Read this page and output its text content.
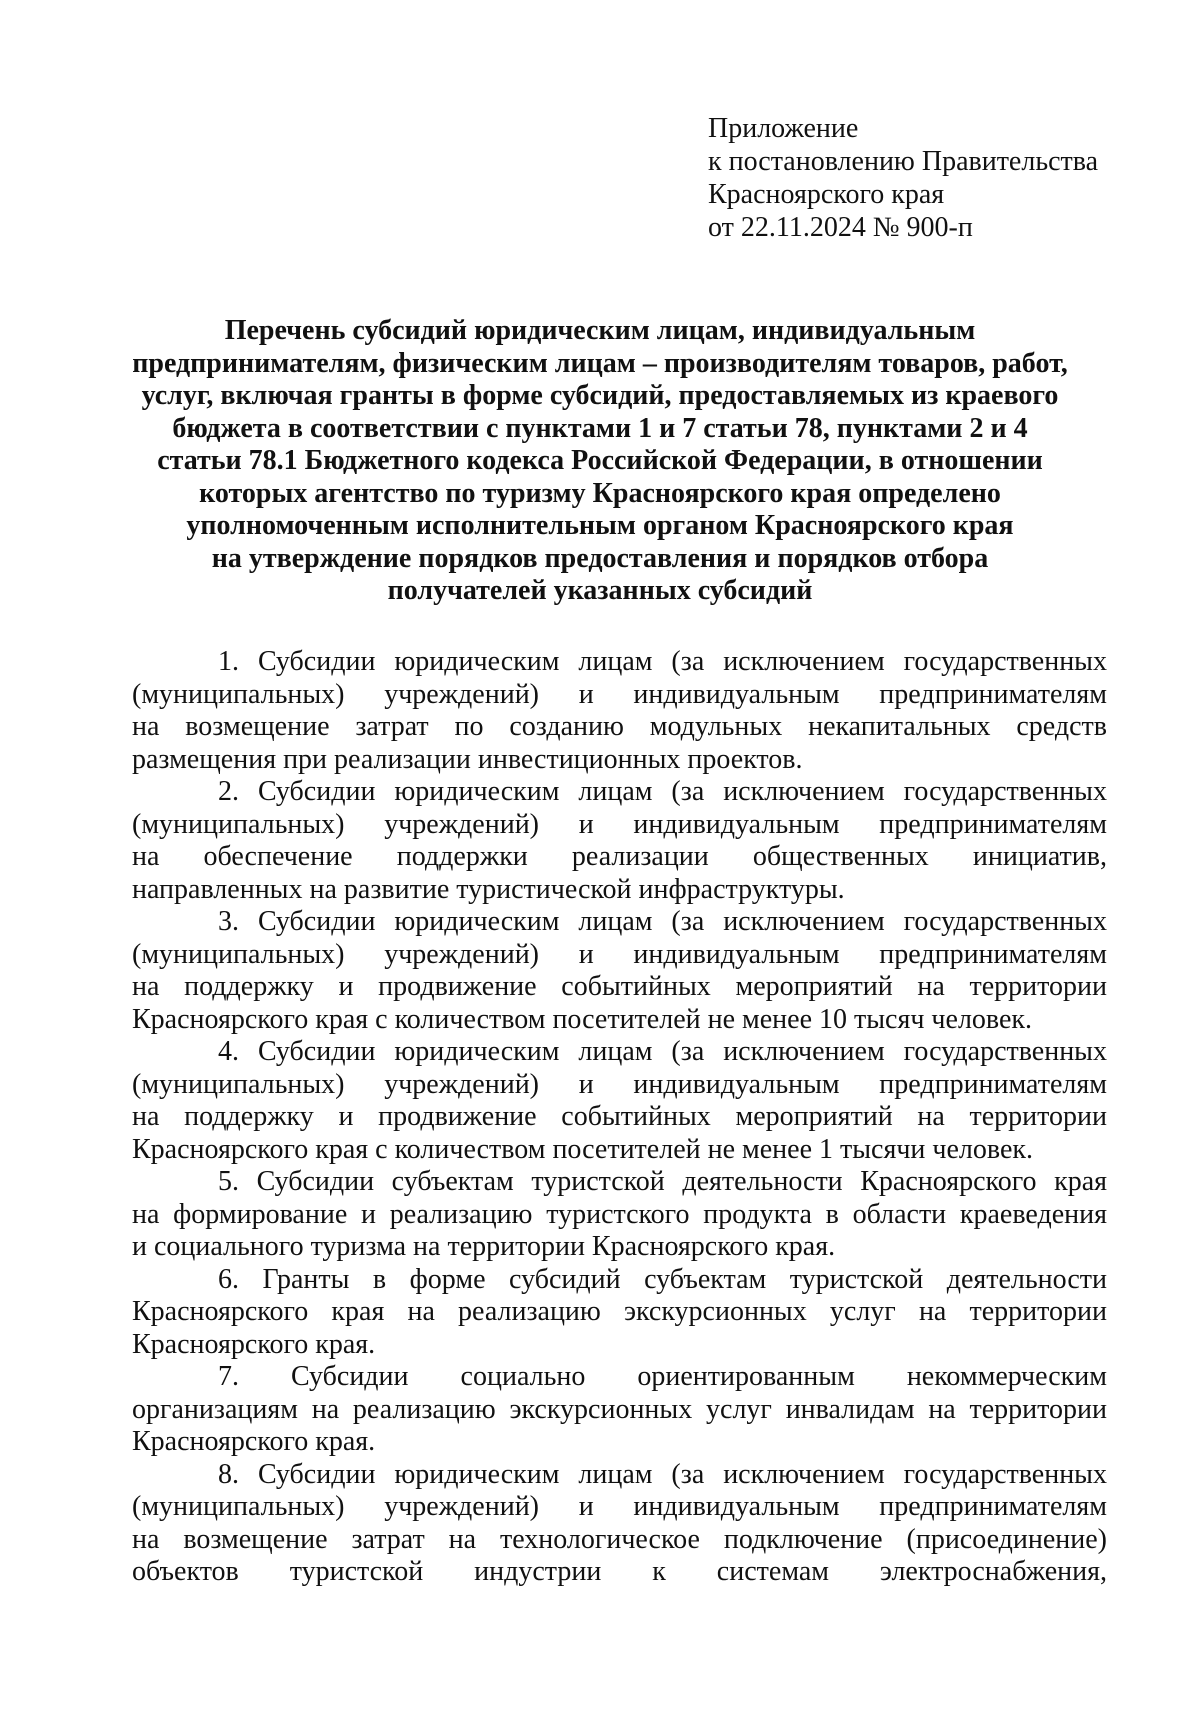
Приложение
к постановлению Правительства
Красноярского края
от 22.11.2024 № 900-п
Перечень субсидий юридическим лицам, индивидуальным
предпринимателям, физическим лицам – производителям товаров, работ,
услуг, включая гранты в форме субсидий, предоставляемых из краевого
бюджета в соответствии с пунктами 1 и 7 статьи 78, пунктами 2 и 4
статьи 78.1 Бюджетного кодекса Российской Федерации, в отношении
которых агентство по туризму Красноярского края определено
уполномоченным исполнительным органом Красноярского края
на утверждение порядков предоставления и порядков отбора
получателей указанных субсидий
1. Субсидии юридическим лицам (за исключением государственных
(муниципальных) учреждений) и индивидуальным предпринимателям
на возмещение затрат по созданию модульных некапитальных средств
размещения при реализации инвестиционных проектов.
2. Субсидии юридическим лицам (за исключением государственных
(муниципальных) учреждений) и индивидуальным предпринимателям
на обеспечение поддержки реализации общественных инициатив,
направленных на развитие туристической инфраструктуры.
3. Субсидии юридическим лицам (за исключением государственных
(муниципальных) учреждений) и индивидуальным предпринимателям
на поддержку и продвижение событийных мероприятий на территории
Красноярского края с количеством посетителей не менее 10 тысяч человек.
4. Субсидии юридическим лицам (за исключением государственных
(муниципальных) учреждений) и индивидуальным предпринимателям
на поддержку и продвижение событийных мероприятий на территории
Красноярского края с количеством посетителей не менее 1 тысячи человек.
5. Субсидии субъектам туристской деятельности Красноярского края
на формирование и реализацию туристского продукта в области краеведения
и социального туризма на территории Красноярского края.
6. Гранты в форме субсидий субъектам туристской деятельности
Красноярского края на реализацию экскурсионных услуг на территории
Красноярского края.
7. Субсидии социально ориентированным некоммерческим
организациям на реализацию экскурсионных услуг инвалидам на территории
Красноярского края.
8. Субсидии юридическим лицам (за исключением государственных
(муниципальных) учреждений) и индивидуальным предпринимателям
на возмещение затрат на технологическое подключение (присоединение)
объектов туристской индустрии к системам электроснабжения,
